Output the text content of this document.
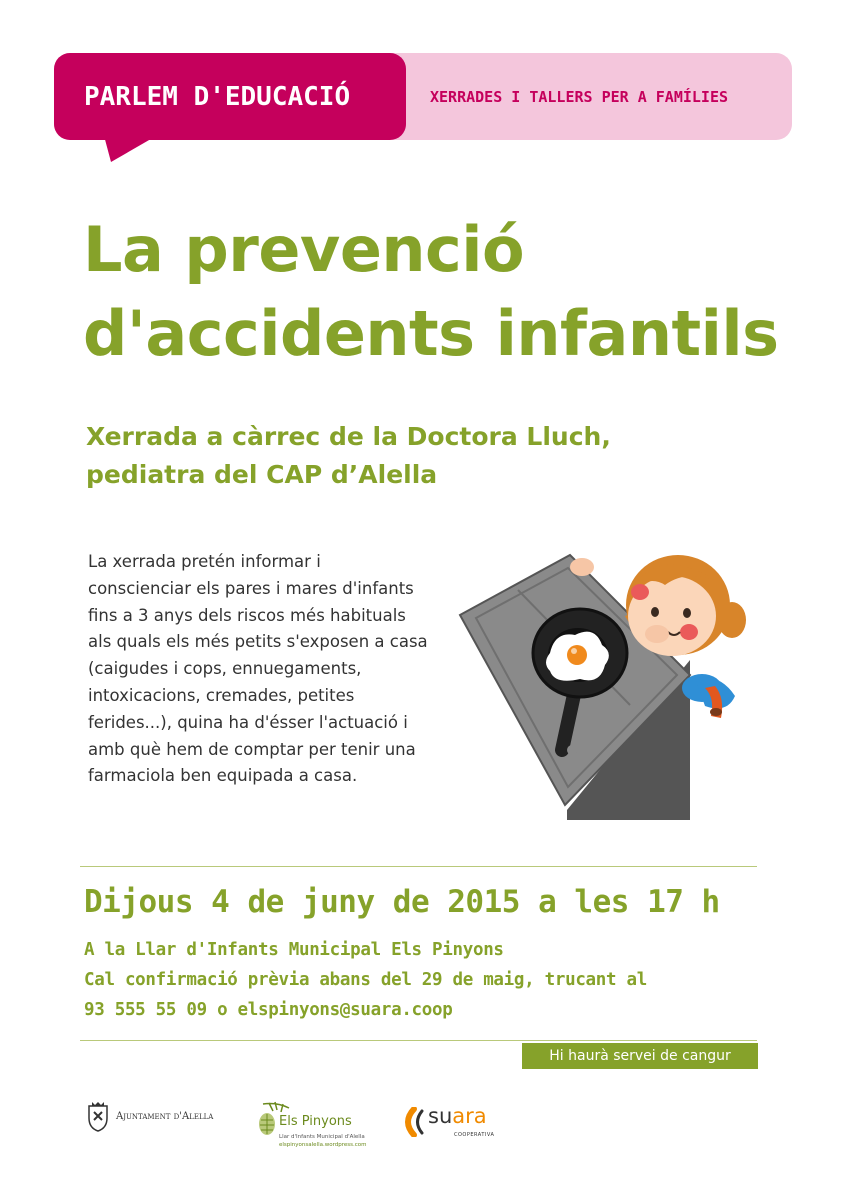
PARLEM D'EDUCACIÓ	XERRADES I TALLERS PER A FAMÍLIES
La prevenció
d'accidents infantils
Xerrada a càrrec de la Doctora Lluch,
pediatra del CAP d’Alella
La xerrada pretén informar i
conscienciar els pares i mares d'infants
fins a 3 anys dels riscos més habituals
als quals els més petits s'exposen a casa
(caigudes i cops, ennuegaments,
intoxicacions, cremades, petites
ferides...), quina ha d'ésser l'actuació i
amb què hem de comptar per tenir una
farmaciola ben equipada a casa.
Dijous 4 de juny de 2015 a les 17 h
A la Llar d'Infants Municipal Els Pinyons
Cal confirmació prèvia abans del 29 de maig, trucant al
93 555 55 09 o elspinyons@suara.coop
Hi haurà servei de cangur
Ajuntament d'Alella	Els Pinyons
Llar d'Infants Municipal d'Alella
elspinyonsalella.wordpress.com
suara
COOPERATIVA
